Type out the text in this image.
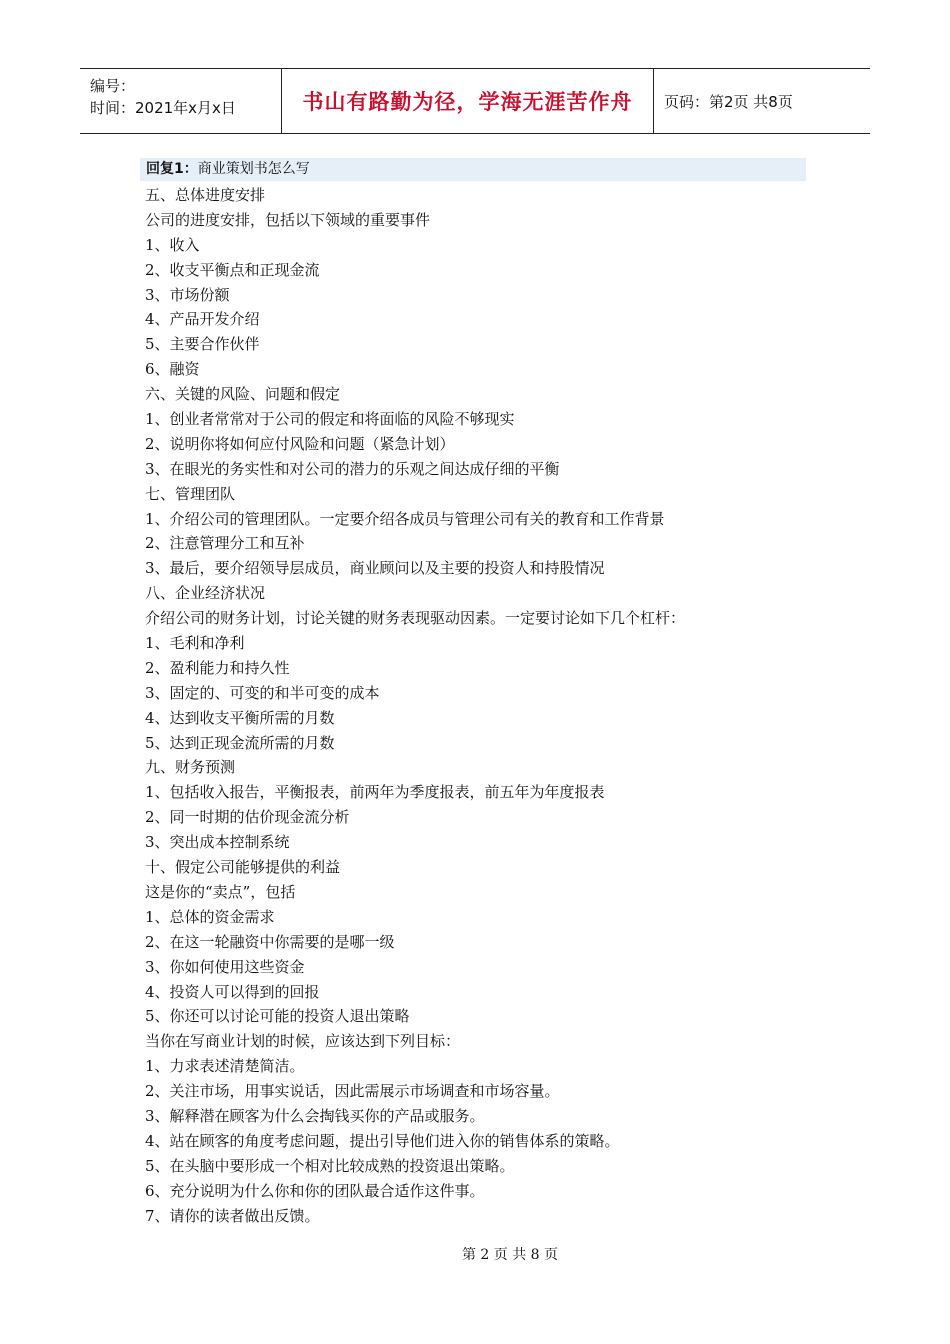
编号：
时间：2021年x月x日	书山有路勤为径，学海无涯苦作舟	页码：第2页 共8页
回复1：商业策划书怎么写
五、总体进度安排
公司的进度安排，包括以下领域的重要事件
1、收入
2、收支平衡点和正现金流
3、市场份额
4、产品开发介绍
5、主要合作伙伴
6、融资
六、关键的风险、问题和假定
1、创业者常常对于公司的假定和将面临的风险不够现实
2、说明你将如何应付风险和问题（紧急计划）
3、在眼光的务实性和对公司的潜力的乐观之间达成仔细的平衡
七、管理团队
1、介绍公司的管理团队。一定要介绍各成员与管理公司有关的教育和工作背景
2、注意管理分工和互补
3、最后，要介绍领导层成员，商业顾问以及主要的投资人和持股情况
八、企业经济状况
介绍公司的财务计划，讨论关键的财务表现驱动因素。一定要讨论如下几个杠杆：
1、毛利和净利
2、盈利能力和持久性
3、固定的、可变的和半可变的成本
4、达到收支平衡所需的月数
5、达到正现金流所需的月数
九、财务预测
1、包括收入报告，平衡报表，前两年为季度报表，前五年为年度报表
2、同一时期的估价现金流分析
3、突出成本控制系统
十、假定公司能够提供的利益
这是你的“卖点”，包括
1、总体的资金需求
2、在这一轮融资中你需要的是哪一级
3、你如何使用这些资金
4、投资人可以得到的回报
5、你还可以讨论可能的投资人退出策略
当你在写商业计划的时候，应该达到下列目标：
1、力求表述清楚简洁。
2、关注市场，用事实说话，因此需展示市场调查和市场容量。
3、解释潜在顾客为什么会掏钱买你的产品或服务。
4、站在顾客的角度考虑问题，提出引导他们进入你的销售体系的策略。
5、在头脑中要形成一个相对比较成熟的投资退出策略。
6、充分说明为什么你和你的团队最合适作这件事。
7、请你的读者做出反馈。
第 2 页 共 8 页
